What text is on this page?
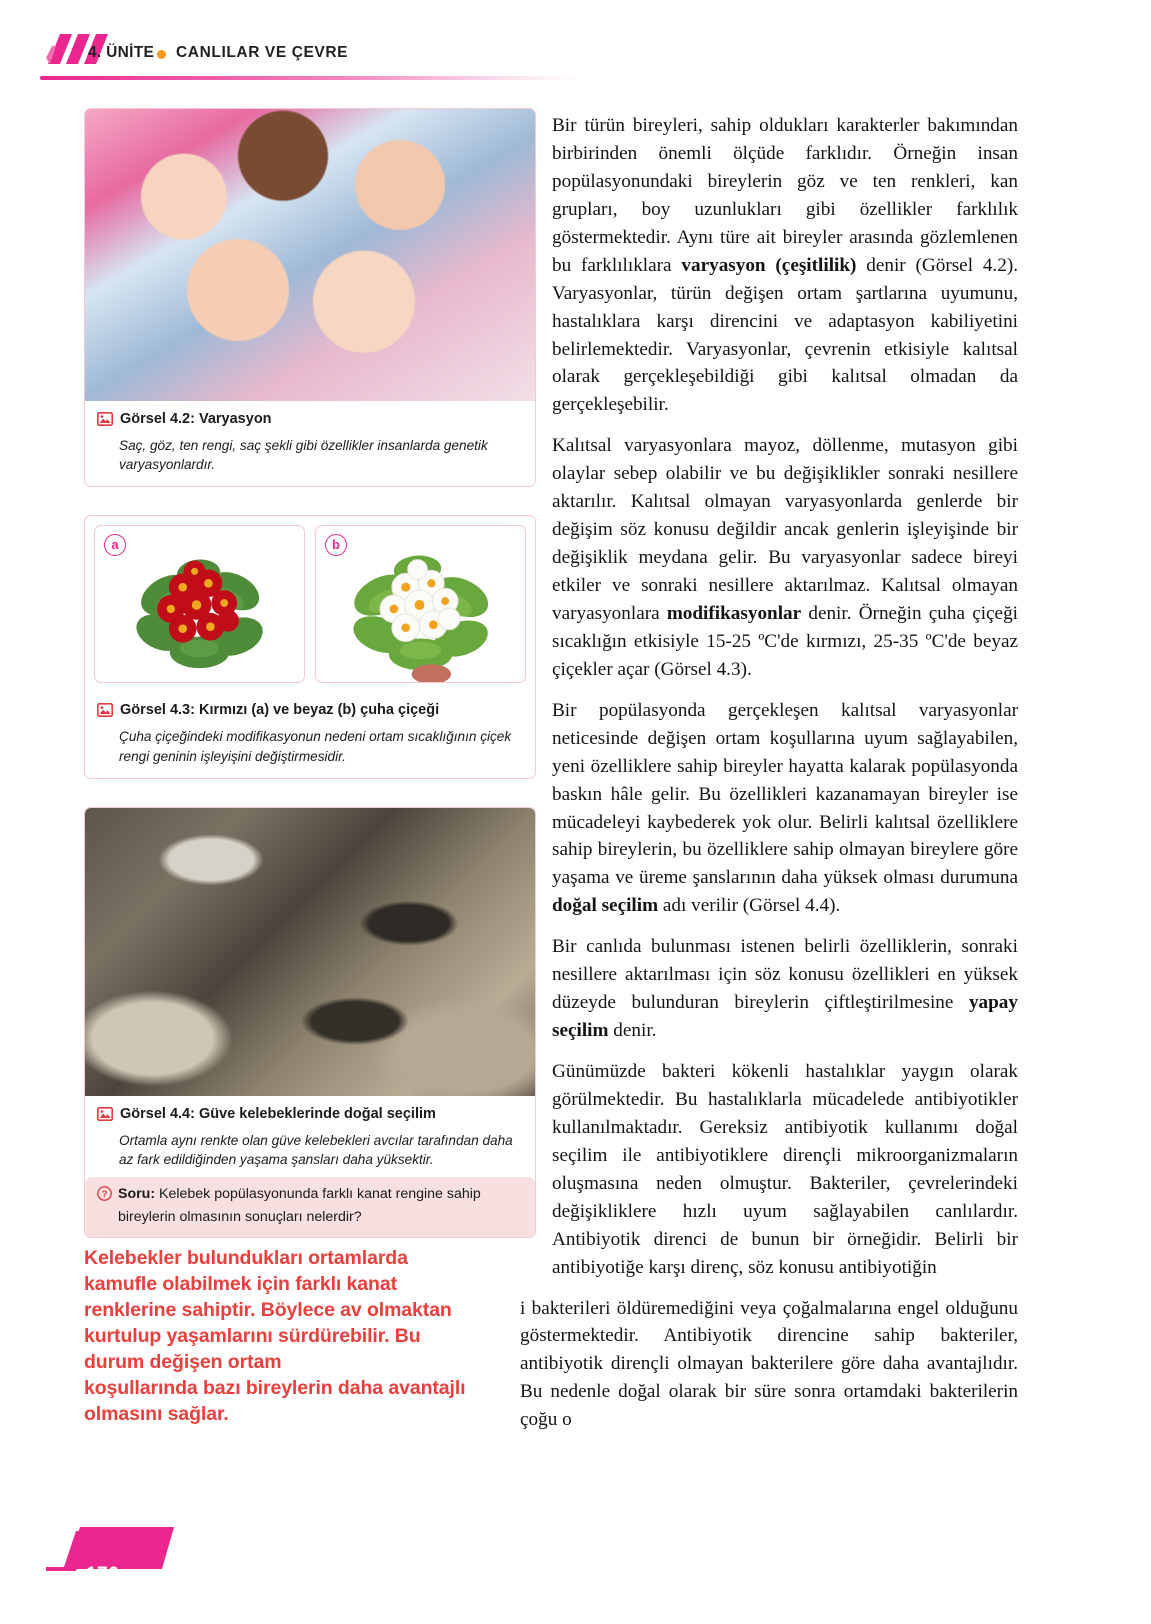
4. ÜNİTE CANLILAR VE ÇEVRE
Görsel 4.2: Varyasyon
Saç, göz, ten rengi, saç şekli gibi özellikler insanlarda genetik varyasyonlardır.
a	b
Görsel 4.3: Kırmızı (a) ve beyaz (b) çuha çiçeği
Çuha çiçeğindeki modifikasyonun nedeni ortam sıcaklığının çiçek rengi geninin işleyişini değiştirmesidir.
Görsel 4.4: Güve kelebeklerinde doğal seçilim
Ortamla aynı renkte olan güve kelebekleri avcılar tarafından daha az fark edildiğinden yaşama şansları daha yüksektir.
? Soru: Kelebek popülasyonunda farklı kanat rengine sahip
bireylerin olmasının sonuçları nelerdir?
Kelebekler bulundukları ortamlarda
kamufle olabilmek için farklı kanat
renklerine sahiptir. Böylece av olmaktan
kurtulup yaşamlarını sürdürebilir. Bu
durum değişen ortam
koşullarında bazı bireylerin daha avantajlı
olmasını sağlar.

Bir türün bireyleri, sahip oldukları karakterler bakımından birbirinden önemli ölçüde farklıdır. Örneğin insan popülasyonundaki bireylerin göz ve ten renkleri, kan grupları, boy uzunlukları gibi özellikler farklılık göstermektedir. Aynı türe ait bireyler arasında gözlemlenen bu farklılıklara varyasyon (çeşitlilik) denir (Görsel 4.2). Varyasyonlar, türün değişen ortam şartlarına uyumunu, hastalıklara karşı direncini ve adaptasyon kabiliyetini belirlemektedir. Varyasyonlar, çevrenin etkisiyle kalıtsal olarak gerçekleşebildiği gibi kalıtsal olmadan da gerçekleşebilir.

Kalıtsal varyasyonlara mayoz, döllenme, mutasyon gibi olaylar sebep olabilir ve bu değişiklikler sonraki nesillere aktarılır. Kalıtsal olmayan varyasyonlarda genlerde bir değişim söz konusu değildir ancak genlerin işleyişinde bir değişiklik meydana gelir. Bu varyasyonlar sadece bireyi etkiler ve sonraki nesillere aktarılmaz. Kalıtsal olmayan varyasyonlara modifikasyonlar denir. Örneğin çuha çiçeği sıcaklığın etkisiyle 15-25 ºC'de kırmızı, 25-35 ºC'de beyaz çiçekler açar (Görsel 4.3).

Bir popülasyonda gerçekleşen kalıtsal varyasyonlar neticesinde değişen ortam koşullarına uyum sağlayabilen, yeni özelliklere sahip bireyler hayatta kalarak popülasyonda baskın hâle gelir. Bu özellikleri kazanamayan bireyler ise mücadeleyi kaybederek yok olur. Belirli kalıtsal özelliklere sahip bireylerin, bu özelliklere sahip olmayan bireylere göre yaşama ve üreme şanslarının daha yüksek olması durumuna doğal seçilim adı verilir (Görsel 4.4).

Bir canlıda bulunması istenen belirli özelliklerin, sonraki nesillere aktarılması için söz konusu özellikleri en yüksek düzeyde bulunduran bireylerin çiftleştirilmesine yapay seçilim denir.

Günümüzde bakteri kökenli hastalıklar yaygın olarak görülmektedir. Bu hastalıklarla mücadelede antibiyotikler kullanılmaktadır. Gereksiz antibiyotik kullanımı doğal seçilim ile antibiyotiklere dirençli mikroorganizmaların oluşmasına neden olmuştur. Bakteriler, çevrelerindeki değişikliklere hızlı uyum sağlayabilen canlılardır. Antibiyotik direnci de bunun bir örneğidir. Belirli bir antibiyotiğe karşı direnç, söz konusu antibiyotiğin

i bakterileri öldüremediğini veya çoğalmalarına engel olduğunu göstermektedir. Antibiyotik direncine sahip bakteriler, antibiyotik dirençli olmayan bakterilere göre daha avantajlıdır. Bu nedenle doğal olarak bir süre sonra ortamdaki bakterilerin çoğu o

176
